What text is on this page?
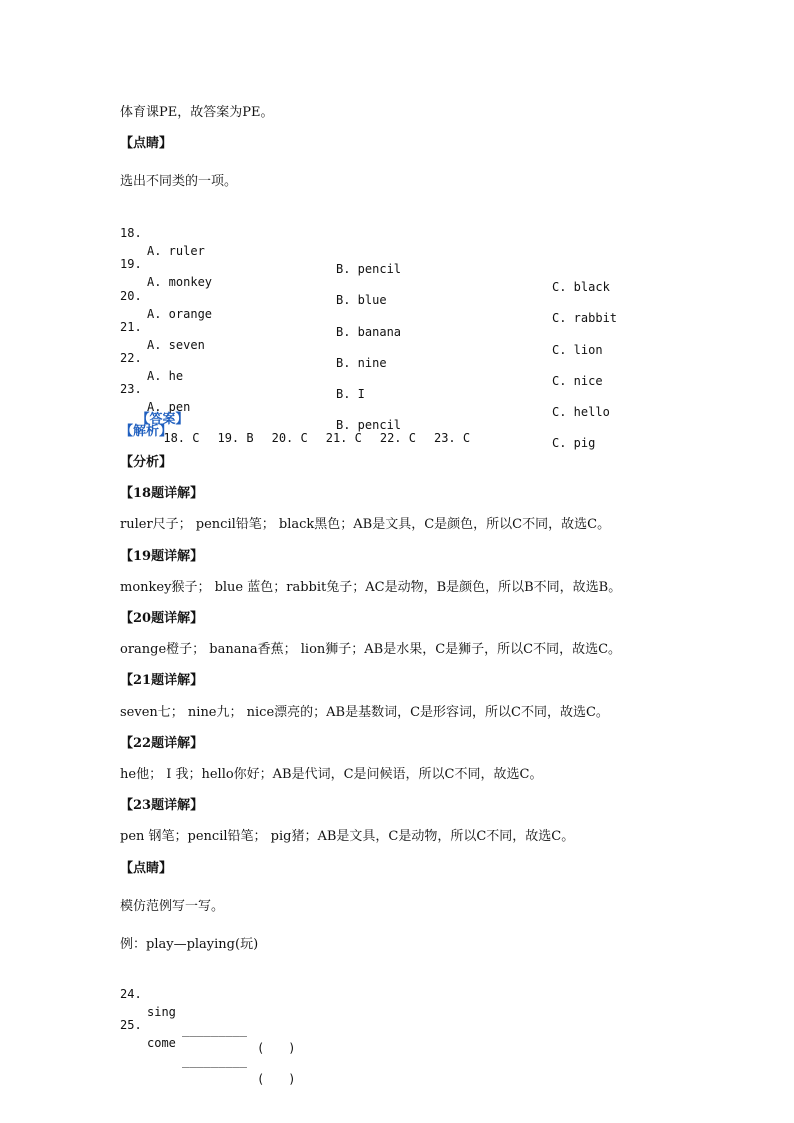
体育课PE，故答案为PE。
【点睛】
选出不同类的一项。

18.

A. ruler

B. pencil

C. black

19.

A. monkey

B. blue

C. rabbit

20.

A. orange

B. banana

C. lion

21.

A. seven

B. nine

C. nice

22.

A. he

B. I

C. hello

23.

A. pen

B. pencil

C. pig

【答案】
18. C 19. B 20. C 21. C 22. C 23. C

【解析】
【分析】
【18题详解】
ruler尺子； pencil铅笔； black黑色；AB是文具，C是颜色，所以C不同，故选C。
【19题详解】
monkey猴子； blue 蓝色；rabbit兔子；AC是动物，B是颜色，所以B不同，故选B。
【20题详解】
orange橙子； banana香蕉； lion狮子；AB是水果，C是狮子，所以C不同，故选C。
【21题详解】
seven七； nine九； nice漂亮的；AB是基数词，C是形容词，所以C不同，故选C。
【22题详解】
he他； I 我；hello你好；AB是代词，C是问候语，所以C不同，故选C。
【23题详解】
pen 钢笔；pencil铅笔； pig猪；AB是文具，C是动物，所以C不同，故选C。
【点睛】
模仿范例写一写。
例：play—playing(玩)

24.

sing

_________

(　　)

25.

come

_________

(　　)
